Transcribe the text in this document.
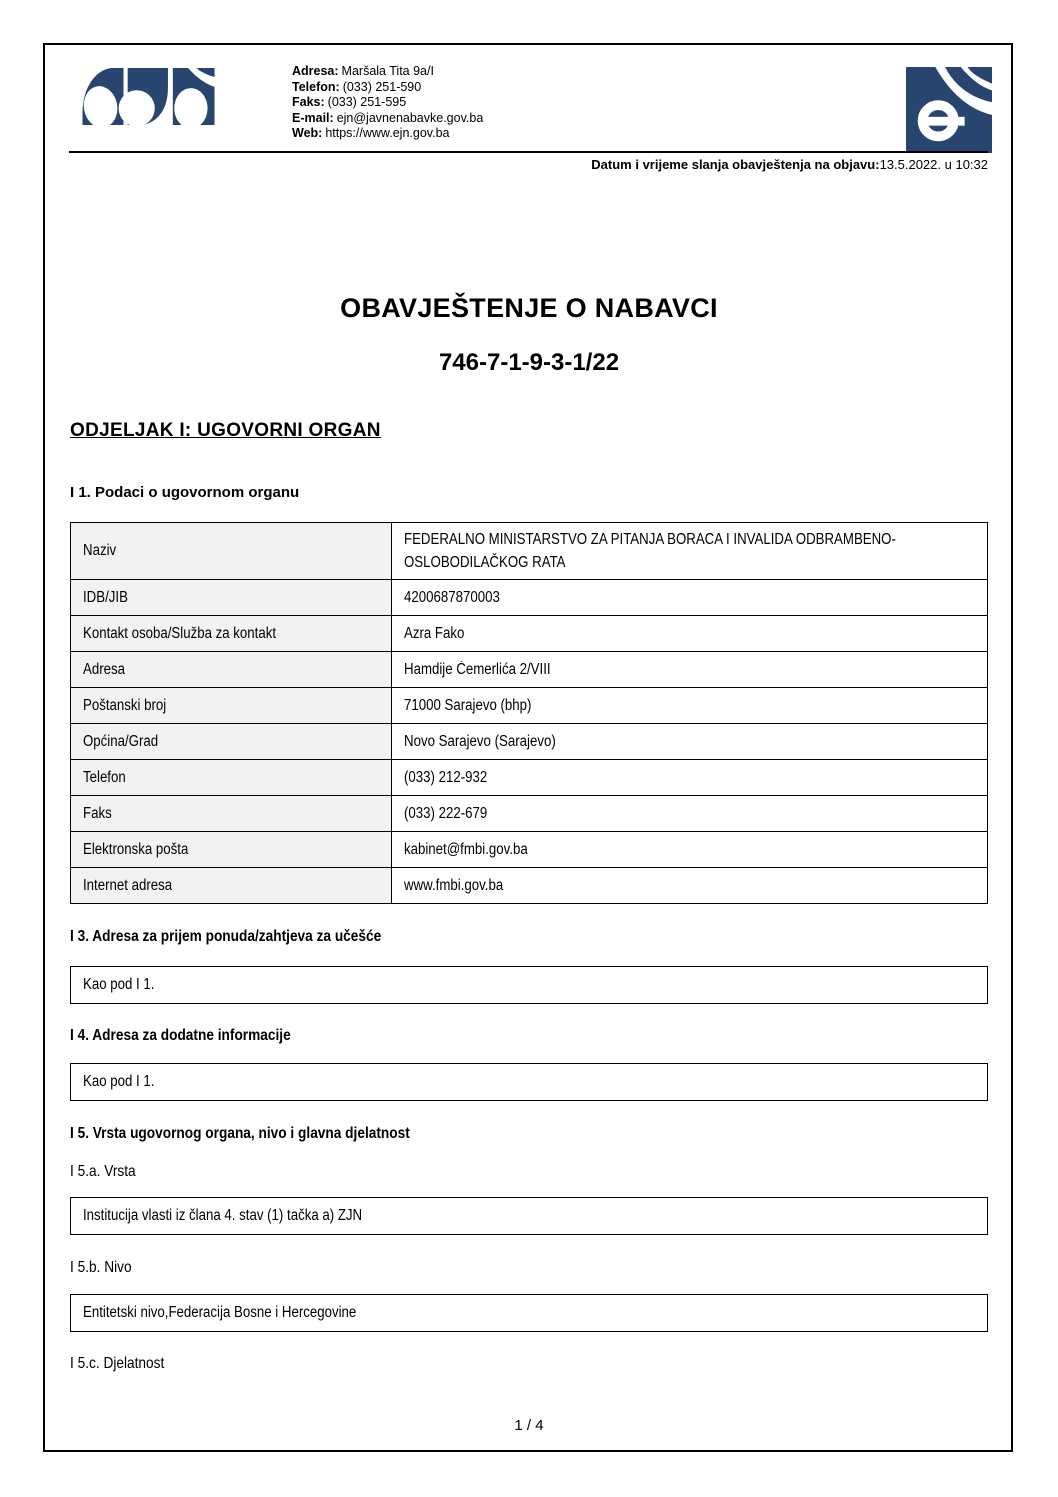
Adresa: Maršala Tita 9a/I
Telefon: (033) 251-590
Faks: (033) 251-595
E-mail: ejn@javnenabavke.gov.ba
Web: https://www.ejn.gov.ba
Datum i vrijeme slanja obavještenja na objavu:13.5.2022. u 10:32
OBAVJEŠTENJE O NABAVCI
746-7-1-9-3-1/22
ODJELJAK I: UGOVORNI ORGAN
I 1. Podaci o ugovornom organu
Naziv	FEDERALNO MINISTARSTVO ZA PITANJA BORACA I INVALIDA ODBRAMBENO-OSLOBODILAČKOG RATA

IDB/JIB	4200687870003
Kontakt osoba/Služba za kontakt	Azra Fako
Adresa	Hamdije Ćemerlića 2/VIII
Poštanski broj	71000 Sarajevo (bhp)
Općina/Grad	Novo Sarajevo (Sarajevo)
Telefon	(033) 212-932
Faks	(033) 222-679
Elektronska pošta	kabinet@fmbi.gov.ba
Internet adresa	www.fmbi.gov.ba
I 3. Adresa za prijem ponuda/zahtjeva za učešće
Kao pod I 1.
I 4. Adresa za dodatne informacije
Kao pod I 1.
I 5. Vrsta ugovornog organa, nivo i glavna djelatnost
I 5.a. Vrsta
Institucija vlasti iz člana 4. stav (1) tačka a) ZJN
I 5.b. Nivo
Entitetski nivo,Federacija Bosne i Hercegovine
I 5.c. Djelatnost
1 / 4
